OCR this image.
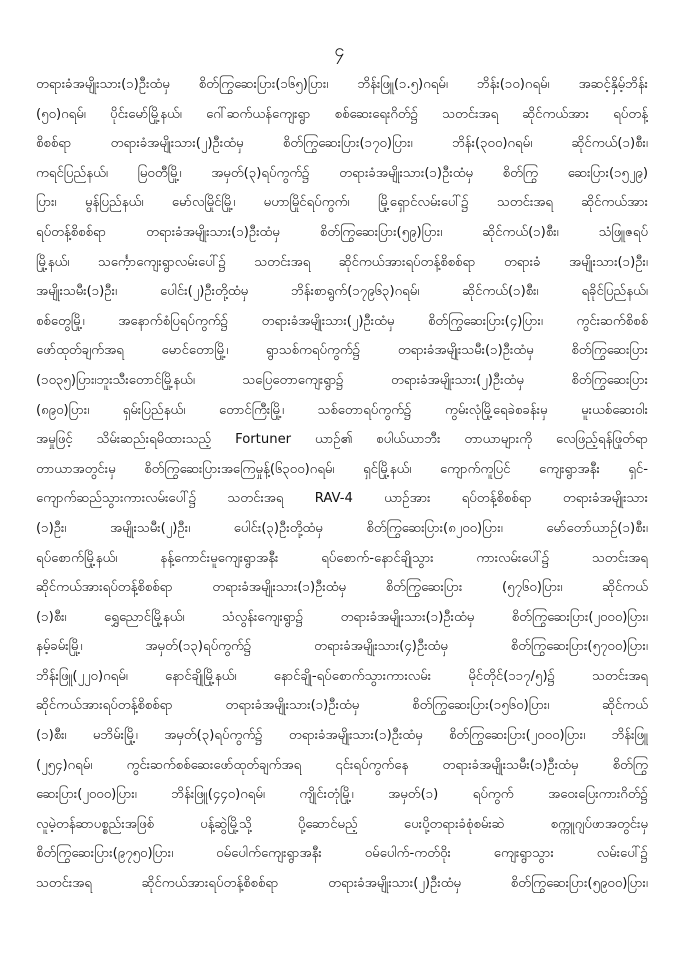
၄
တရားခံအမျိုးသား(၁)ဦးထံမှ စိတ်ကြွဆေးပြား(၁၆၅)ပြား၊ ဘိန်းဖြူ(၁.၅)ဂရမ်၊ ဘိန်း(၁၀)ဂရမ်၊ အဆင့်နှိမ့်ဘိန်း
(၅၀)ဂရမ်၊ ပိုင်းမော်မြို့နယ်၊ ဂေါ်ဆက်ယန်ကျေးရွာ စစ်ဆေးရေးဂိတ်၌ သတင်းအရ ဆိုင်ကယ်အား ရပ်တန့်
စိစစ်ရာ တရားခံအမျိုးသား(၂)ဦးထံမှ စိတ်ကြွဆေးပြား(၁၇၀)ပြား၊ ဘိန်း(၃၀၀)ဂရမ်၊ ဆိုင်ကယ်(၁)စီး၊
ကရင်ပြည်နယ်၊ မြဝတီမြို့၊ အမှတ်(၃)ရပ်ကွက်၌ တရားခံအမျိုးသား(၁)ဦးထံမှ စိတ်ကြွ ဆေးပြား(၁၅၂၉)
ပြား၊ မွန်ပြည်နယ်၊ မော်လမြိုင်မြို့၊ မဟာမြိုင်ရပ်ကွက်၊ မြို့ရှောင်လမ်းပေါ်၌ သတင်းအရ ဆိုင်ကယ်အား
ရပ်တန့်စိစစ်ရာ တရားခံအမျိုးသား(၁)ဦးထံမှ စိတ်ကြွဆေးပြား(၅၉)ပြား၊ ဆိုင်ကယ်(၁)စီး၊ သံဖြူဇရပ်
မြို့နယ်၊ သင်္ကေ့ာကျေးရွာလမ်းပေါ်၌ သတင်းအရ ဆိုင်ကယ်အားရပ်တန့်စိစစ်ရာ တရားခံ အမျိုးသား(၁)ဦး၊
အမျိုးသမီး(၁)ဦး၊ ပေါင်း(၂)ဦးတို့ထံမှ ဘိန်းစာရွက်(၁၇၉၆၃)ဂရမ်၊ ဆိုင်ကယ်(၁)စီး၊ ရခိုင်ပြည်နယ်၊
စစ်တွေမြို့၊ အနောက်စံပြရပ်ကွက်၌ တရားခံအမျိုးသား(၂)ဦးထံမှ စိတ်ကြွဆေးပြား(၄)ပြား၊ ကွင်းဆက်စိစစ်
ဖော်ထုတ်ချက်အရ မောင်တောမြို့၊ ရွာသစ်ကရပ်ကွက်၌ တရားခံအမျိုးသမီး(၁)ဦးထံမှ စိတ်ကြွဆေးပြား
(၁၀၃၅)ပြား၊ဘူးသီးတောင်မြို့နယ်၊ သပြေတောကျေးရွာ၌ တရားခံအမျိုးသား(၂)ဦးထံမှ စိတ်ကြွဆေးပြား
(၈၉၀)ပြား၊ ရှမ်းပြည်နယ်၊ တောင်ကြီးမြို့၊ သစ်တောရပ်ကွက်၌ ကွမ်းလုံမြို့ရေခဲစခန်းမှ မူးယစ်ဆေးဝါး
အမှုဖြင့် သိမ်းဆည်းရမိထားသည့် Fortuner ယာဉ်၏ စပါယ်ယာဘီး တာယာများကို လေဖြည့်ရန်ဖြုတ်ရာ
တာယာအတွင်းမှ စိတ်ကြွဆေးပြားအကြေမှုန့်(၆၃၀၀)ဂရမ်၊ ရှင်မြို့နယ်၊ ကျောက်ကူပြင် ကျေးရွာအနီး ရှင်-
ကျောက်ဆည်သွားကားလမ်းပေါ်၌ သတင်းအရ RAV-4 ယာဉ်အား ရပ်တန့်စိစစ်ရာ တရားခံအမျိုးသား
(၁)ဦး၊ အမျိုးသမီး(၂)ဦး၊ ပေါင်း(၃)ဦးတို့ထံမှ စိတ်ကြွဆေးပြား(၈၂၀၀)ပြား၊ မော်တော်ယာဉ်(၁)စီး၊
ရပ်စောက်မြို့နယ်၊ နန့်ကောင်းမူကျေးရွာအနီး ရပ်စောက်-နောင်ချိုသွား ကားလမ်းပေါ်၌ သတင်းအရ
ဆိုင်ကယ်အားရပ်တန့်စိစစ်ရာ တရားခံအမျိုးသား(၁)ဦးထံမှ စိတ်ကြွဆေးပြား (၅၇၆၀)ပြား၊ ဆိုင်ကယ်
(၁)စီး၊ ရွှေညောင်မြို့နယ်၊ သံလွန်းကျေးရွာ၌ တရားခံအမျိုးသား(၁)ဦးထံမှ စိတ်ကြွဆေးပြား(၂၀၀၀)ပြား၊
နမ့်ခမ်းမြို့၊ အမှတ်(၁၃)ရပ်ကွက်၌ တရားခံအမျိုးသား(၄)ဦးထံမှ စိတ်ကြွဆေးပြား(၅၇၀၀)ပြား၊
ဘိန်းဖြူ(၂၂၀)ဂရမ်၊ နောင်ချိုမြို့နယ်၊ နောင်ချို-ရပ်စောက်သွားကားလမ်း မိုင်တိုင်(၁၁၇/၅)၌ သတင်းအရ
ဆိုင်ကယ်အားရပ်တန့်စိစစ်ရာ တရားခံအမျိုးသား(၁)ဦးထံမှ စိတ်ကြွဆေးပြား(၁၅၆၀)ပြား၊ ဆိုင်ကယ်
(၁)စီး၊ မဘိမ်းမြို့၊ အမှတ်(၃)ရပ်ကွက်၌ တရားခံအမျိုးသား(၁)ဦးထံမှ စိတ်ကြွဆေးပြား(၂၀၀၀)ပြား၊ ဘိန်းဖြူ
(၂၅၄)ဂရမ်၊ ကွင်းဆက်စစ်ဆေးဖော်ထုတ်ချက်အရ ၎င်းရပ်ကွက်နေ တရားခံအမျိုးသမီး(၁)ဦးထံမှ စိတ်ကြွ
ဆေးပြား(၂၀၀၀)ပြား၊ ဘိန်းဖြူ(၄၄၀)ဂရမ်၊ ကျိုင်းတုံမြို့၊ အမှတ်(၁) ရပ်ကွက် အဝေးပြေးကားဂိတ်၌
လူမဲ့တန်ဆာပစ္စည်းအဖြစ် ပန့်ဆွဲမြို့သို့ ပို့ဆောင်မည့် ပေးပို့တရားခံစုံစမ်းဆဲ စက္ကူဂျပ်ဖာအတွင်းမှ
စိတ်ကြွဆေးပြား(၉၇၅၀)ပြား၊ ဝမ်ပေါက်ကျေးရွာအနီး ဝမ်ပေါက်-ကတ်ဝိုး ကျေးရွာသွား လမ်းပေါ်၌
သတင်းအရ ဆိုင်ကယ်အားရပ်တန့်စိစစ်ရာ တရားခံအမျိုးသား(၂)ဦးထံမှ စိတ်ကြွဆေးပြား(၅၉၀၀)ပြား၊
